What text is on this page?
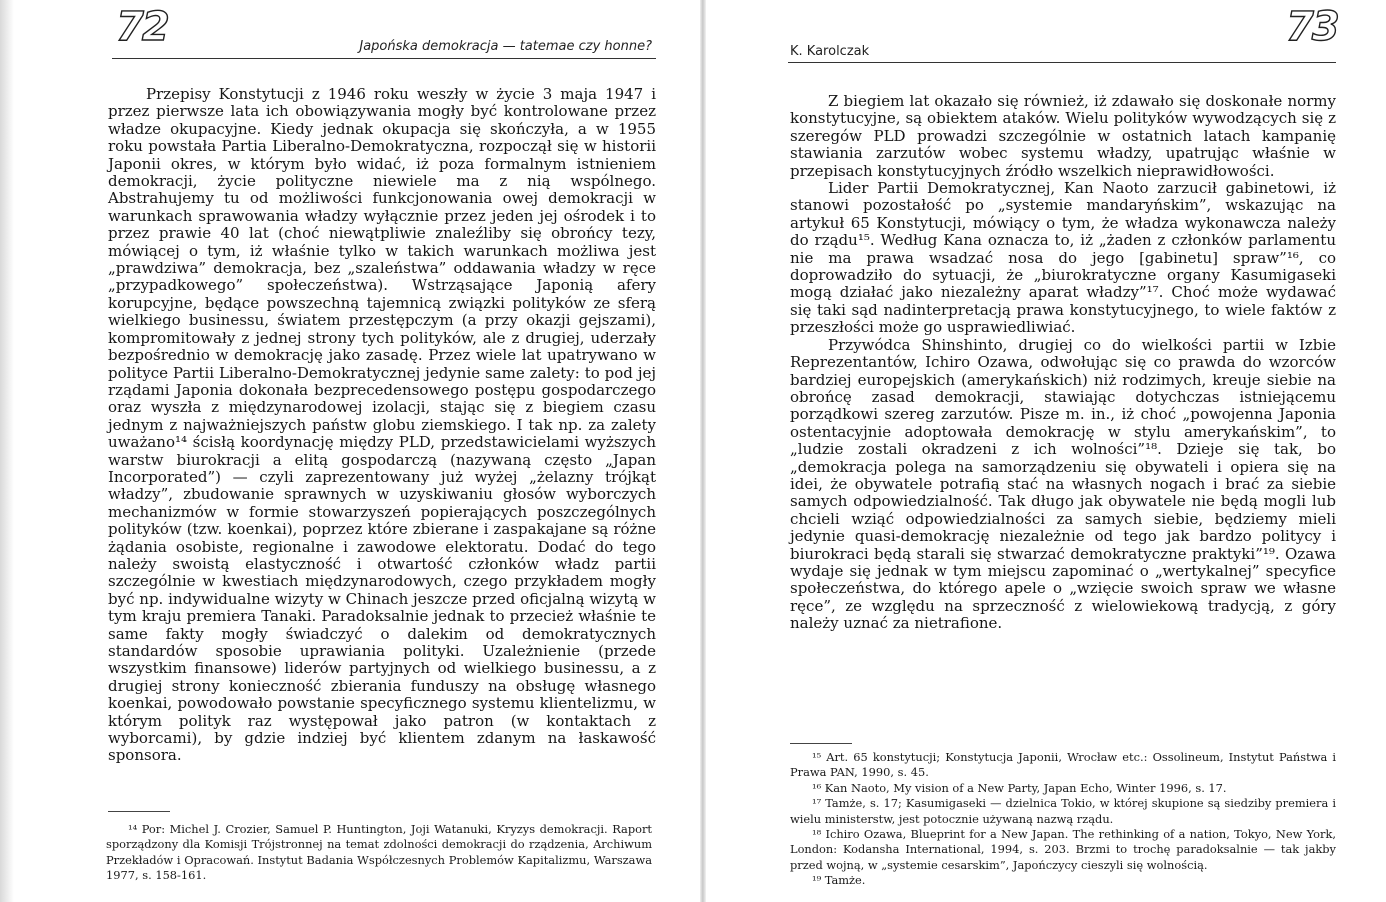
72	Japońska demokracja — tatemae czy honne?

Przepisy Konstytucji z 1946 roku weszły w życie 3 maja 1947 i przez pierwsze lata ich obowiązywania mogły być kontrolowane przez władze okupacyjne. Kiedy jednak okupacja się skończyła, a w 1955 roku powstała Partia Liberalno-Demokratyczna, rozpoczął się w historii Japonii okres, w którym było widać, iż poza formalnym istnieniem demokracji, życie polityczne niewiele ma z nią wspólnego. Abstrahujemy tu od możliwości funkcjonowania owej demokracji w warunkach sprawowania władzy wyłącznie przez jeden jej ośrodek i to przez prawie 40 lat (choć niewątpliwie znaleźliby się obrońcy tezy, mówiącej o tym, iż właśnie tylko w takich warunkach możliwa jest „prawdziwa” demokracja, bez „szaleństwa” oddawania władzy w ręce „przypadkowego” społeczeństwa). Wstrząsające Japonią afery korupcyjne, będące powszechną tajemnicą związki polityków ze sferą wielkiego businessu, światem przestępczym (a przy okazji gejszami), kompromitowały z jednej strony tych polityków, ale z drugiej, uderzały bezpośrednio w demokrację jako zasadę. Przez wiele lat upatrywano w polityce Partii Liberalno-Demokratycznej jedynie same zalety: to pod jej rządami Japonia dokonała bezprecedensowego postępu gospodarczego oraz wyszła z międzynarodowej izolacji, stając się z biegiem czasu jednym z najważniejszych państw globu ziemskiego. I tak np. za zalety uważano¹⁴ ścisłą koordynację między PLD, przedstawicielami wyższych warstw biurokracji a elitą gospodarczą (nazywaną często „Japan Incorporated”) — czyli zaprezentowany już wyżej „żelazny trójkąt władzy”, zbudowanie sprawnych w uzyskiwaniu głosów wyborczych mechanizmów w formie stowarzyszeń popierających poszczególnych polityków (tzw. koenkai), poprzez które zbierane i zaspakajane są różne żądania osobiste, regionalne i zawodowe elektoratu. Dodać do tego należy swoistą elastyczność i otwartość członków władz partii szczególnie w kwestiach międzynarodowych, czego przykładem mogły być np. indywidualne wizyty w Chinach jeszcze przed oficjalną wizytą w tym kraju premiera Tanaki. Paradoksalnie jednak to przecież właśnie te same fakty mogły świadczyć o dalekim od demokratycznych standardów sposobie uprawiania polityki. Uzależnienie (przede wszystkim finansowe) liderów partyjnych od wielkiego businessu, a z drugiej strony konieczność zbierania funduszy na obsługę własnego koenkai, powodowało powstanie specyficznego systemu klientelizmu, w którym polityk raz występował jako patron (w kontaktach z wyborcami), by gdzie indziej być klientem zdanym na łaskawość sponsora.

¹⁴ Por: Michel J. Crozier, Samuel P. Huntington, Joji Watanuki, Kryzys demokracji. Raport sporządzony dla Komisji Trójstronnej na temat zdolności demokracji do rządzenia, Archiwum Przekładów i Opracowań. Instytut Badania Współczesnych Problemów Kapitalizmu, Warszawa 1977, s. 158-161.

K. Karolczak
73

Z biegiem lat okazało się również, iż zdawało się doskonałe normy konstytucyjne, są obiektem ataków. Wielu polityków wywodzących się z szeregów PLD prowadzi szczególnie w ostatnich latach kampanię stawiania zarzutów wobec systemu władzy, upatrując właśnie w przepisach konstytucyjnych źródło wszelkich nieprawidłowości.

Lider Partii Demokratycznej, Kan Naoto zarzucił gabinetowi, iż stanowi pozostałość po „systemie mandaryńskim”, wskazując na artykuł 65 Konstytucji, mówiący o tym, że władza wykonawcza należy do rządu¹⁵. Według Kana oznacza to, iż „żaden z członków parlamentu nie ma prawa wsadzać nosa do jego [gabinetu] spraw”¹⁶, co doprowadziło do sytuacji, że „biurokratyczne organy Kasumigaseki mogą działać jako niezależny aparat władzy”¹⁷. Choć może wydawać się taki sąd nadinterpretacją prawa konstytucyjnego, to wiele faktów z przeszłości może go usprawiedliwiać.

Przywódca Shinshinto, drugiej co do wielkości partii w Izbie Reprezentantów, Ichiro Ozawa, odwołując się co prawda do wzorców bardziej europejskich (amerykańskich) niż rodzimych, kreuje siebie na obrońcę zasad demokracji, stawiając dotychczas istniejącemu porządkowi szereg zarzutów. Pisze m. in., iż choć „powojenna Japonia ostentacyjnie adoptowała demokrację w stylu amerykańskim”, to „ludzie zostali okradzeni z ich wolności”¹⁸. Dzieje się tak, bo „demokracja polega na samorządzeniu się obywateli i opiera się na idei, że obywatele potrafią stać na własnych nogach i brać za siebie samych odpowiedzialność. Tak długo jak obywatele nie będą mogli lub chcieli wziąć odpowiedzialności za samych siebie, będziemy mieli jedynie quasi-demokrację niezależnie od tego jak bardzo politycy i biurokraci będą starali się stwarzać demokratyczne praktyki”¹⁹. Ozawa wydaje się jednak w tym miejscu zapominać o „wertykalnej” specyfice społeczeństwa, do którego apele o „wzięcie swoich spraw we własne ręce”, ze względu na sprzeczność z wielowiekową tradycją, z góry należy uznać za nietrafione.

¹⁵ Art. 65 konstytucji; Konstytucja Japonii, Wrocław etc.: Ossolineum, Instytut Państwa i Prawa PAN, 1990, s. 45.

¹⁶ Kan Naoto, My vision of a New Party, Japan Echo, Winter 1996, s. 17.

¹⁷ Tamże, s. 17; Kasumigaseki — dzielnica Tokio, w której skupione są siedziby premiera i wielu ministerstw, jest potocznie używaną nazwą rządu.

¹⁸ Ichiro Ozawa, Blueprint for a New Japan. The rethinking of a nation, Tokyo, New York, London: Kodansha International, 1994, s. 203. Brzmi to trochę paradoksalnie — tak jakby przed wojną, w „systemie cesarskim”, Japończycy cieszyli się wolnością.

¹⁹ Tamże.
